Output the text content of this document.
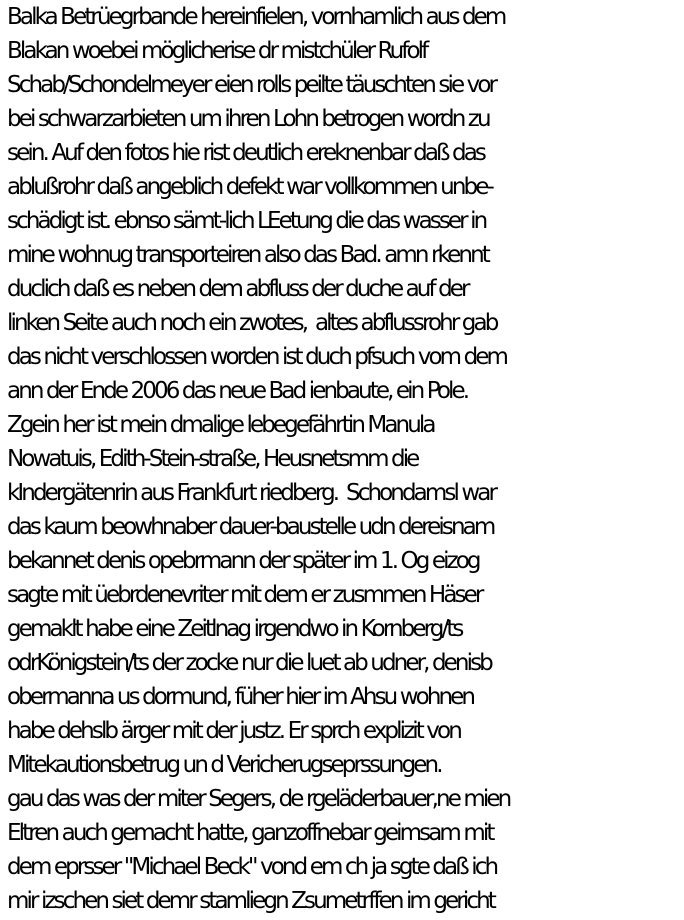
Balka Betrüegrbande hereinfielen, vornhamlich aus dem
Blakan woebei möglicherise dr mistchüler Rufolf
Schab/Schondelmeyer eien rolls peilte täuschten sie vor
bei schwarzarbieten um ihren Lohn betrogen wordn zu
sein. Auf den fotos hie rist deutlich ereknenbar daß das
ablußrohr daß angeblich defekt war vollkommen unbe-
schädigt ist. ebnso sämt-lich LEetung die das wasser in
mine wohnug transporteiren also das Bad. amn rkennt
duclich daß es neben dem abfluss der duche auf der
linken Seite auch noch ein zwotes,  altes abflussrohr gab
das nicht verschlossen worden ist duch pfsuch vom dem
ann der Ende 2006 das neue Bad ienbaute, ein Pole.
Zgein her ist mein dmalige lebegefährtin Manula
Nowatuis, Edith-Stein-straße, Heusnetsmm die
kIndergätenrin aus Frankfurt riedberg.  Schondamsl war
das kaum beowhnaber dauer-baustelle udn dereisnam
bekannet denis opebrmann der später im 1. Og eizog
sagte mit üebrdenevriter mit dem er zusmmen Häser
gemaklt habe eine Zeitlnag irgendwo in Kornberg/ts
odrKönigstein/ts der zocke nur die luet ab udner, denisb
obermanna us dormund, füher hier im Ahsu wohnen
habe dehslb ärger mit der justz. Er sprch explizit von
Mitekautionsbetrug un d Vericherugseprssungen.
gau das was der miter Segers, de rgeläderbauer,ne mien
Eltren auch gemacht hatte, ganzoffnebar geimsam mit
dem eprsser "Michael Beck" vond em ch ja sgte daß ich
mir izschen siet demr stamliegn Zsumetrffen im gericht
